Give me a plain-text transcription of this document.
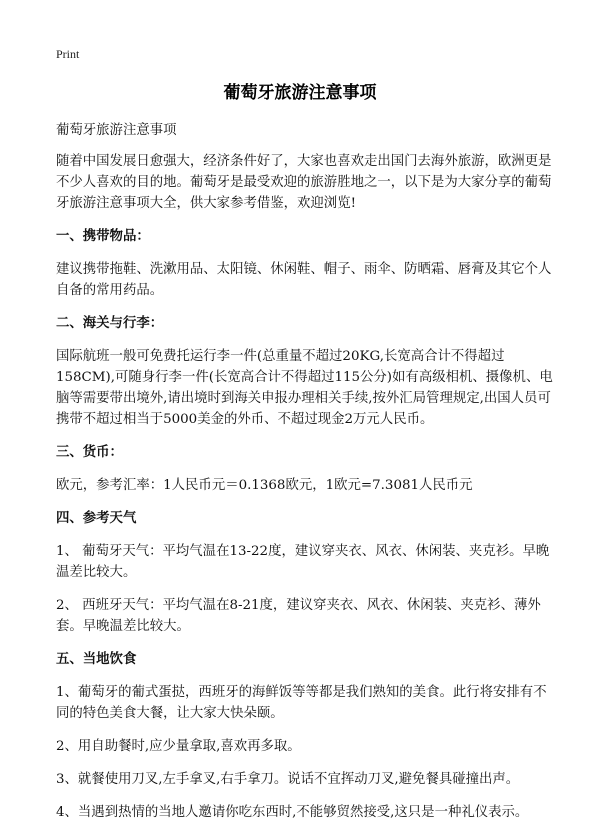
Print
葡萄牙旅游注意事项

葡萄牙旅游注意事项

随着中国发展日愈强大，经济条件好了，大家也喜欢走出国门去海外旅游，欧洲更是不少人喜欢的目的地。葡萄牙是最受欢迎的旅游胜地之一，以下是为大家分享的葡萄牙旅游注意事项大全，供大家参考借鉴，欢迎浏览!

一、携带物品：

建议携带拖鞋、洗漱用品、太阳镜、休闲鞋、帽子、雨伞、防晒霜、唇膏及其它个人自备的常用药品。

二、海关与行李：

国际航班一般可免费托运行李一件(总重量不超过20KG,长宽高合计不得超过158CM),可随身行李一件(长宽高合计不得超过115公分)如有高级相机、摄像机、电脑等需要带出境外,请出境时到海关申报办理相关手续,按外汇局管理规定,出国人员可携带不超过相当于5000美金的外币、不超过现金2万元人民币。

三、货币：

欧元，参考汇率：1人民币元＝0.1368欧元，1欧元=7.3081人民币元

四、参考天气

1、 葡萄牙天气：平均气温在13-22度，建议穿夹衣、风衣、休闲装、夹克衫。早晚温差比较大。

2、 西班牙天气：平均气温在8-21度，建议穿夹衣、风衣、休闲装、夹克衫、薄外套。早晚温差比较大。

五、当地饮食

1、葡萄牙的葡式蛋挞，西班牙的海鲜饭等等都是我们熟知的美食。此行将安排有不同的特色美食大餐，让大家大快朵颐。

2、用自助餐时,应少量拿取,喜欢再多取。

3、就餐使用刀叉,左手拿叉,右手拿刀。说话不宜挥动刀叉,避免餐具碰撞出声。

4、当遇到热情的当地人邀请你吃东西时,不能够贸然接受,这只是一种礼仪表示。
